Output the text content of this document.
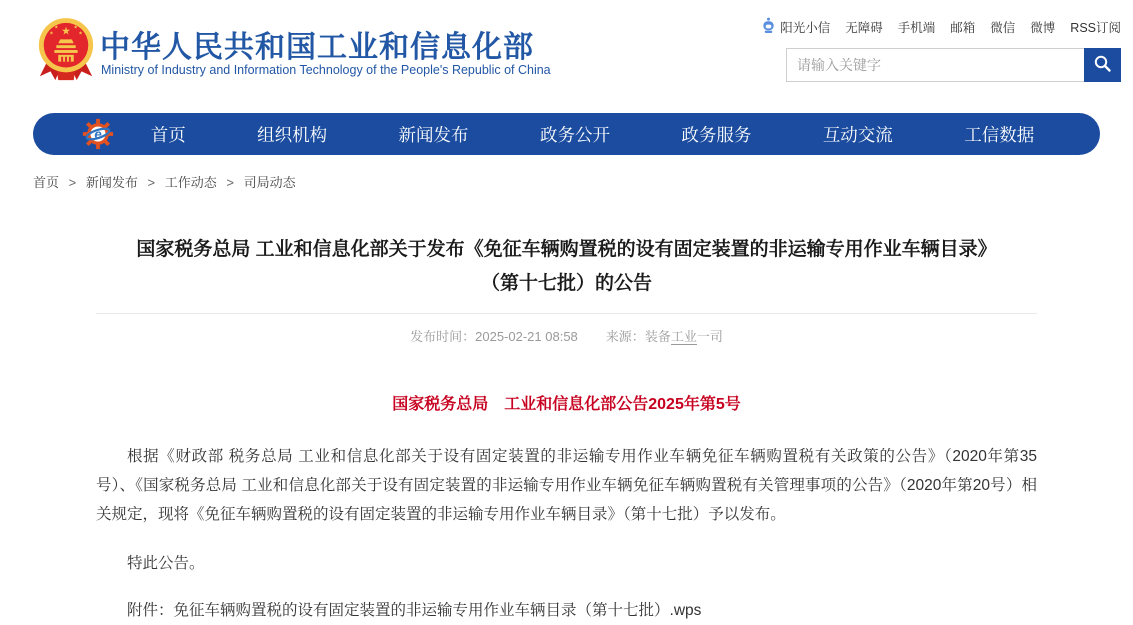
★
★	★
★	★ 中华人民共和国工业和信息化部
Ministry of Industry and Information Technology of the People's Republic of China
阳光小信 无障碍 手机端 邮箱 微信 微博 RSS订阅
请输入关键字
e	首页	组织机构	新闻发布	政务公开	政务服务	互动交流	工信数据
首页 > 新闻发布 > 工作动态 > 司局动态
国家税务总局 工业和信息化部关于发布《免征车辆购置税的设有固定装置的非运输专用作业车辆目录》（第十七批）的公告
发布时间：2025-02-21 08:58 来源：装备工业一司
国家税务总局　工业和信息化部公告2025年第5号

根据《财政部 税务总局 工业和信息化部关于设有固定装置的非运输专用作业车辆免征车辆购置税有关政策的公告》（2020年第35号）、《国家税务总局 工业和信息化部关于设有固定装置的非运输专用作业车辆免征车辆购置税有关管理事项的公告》（2020年第20号）相关规定，现将《免征车辆购置税的设有固定装置的非运输专用作业车辆目录》（第十七批）予以发布。

特此公告。

附件：免征车辆购置税的设有固定装置的非运输专用作业车辆目录（第十七批）.wps
